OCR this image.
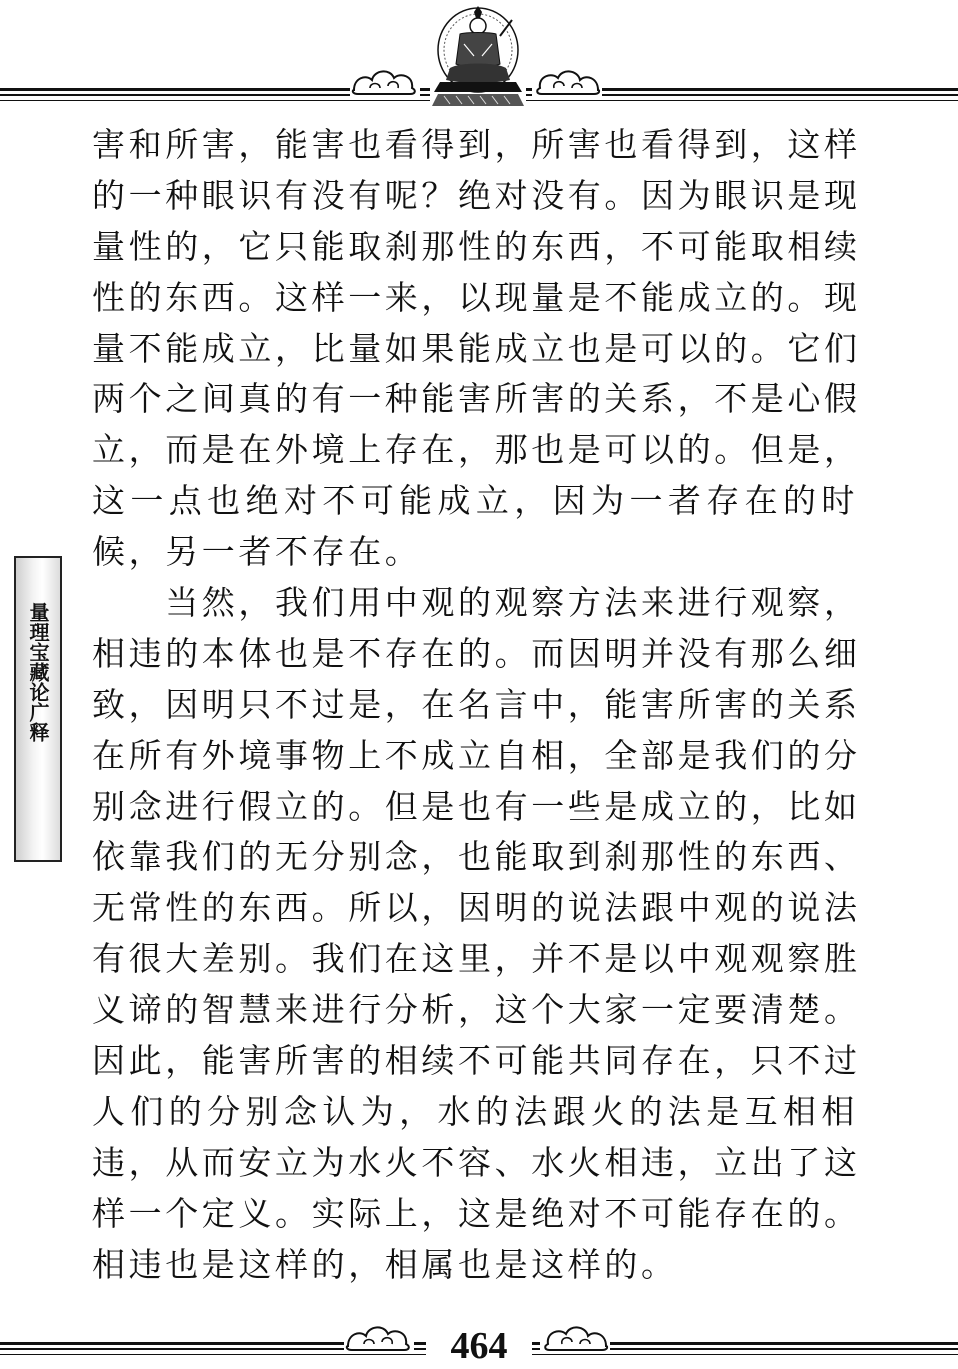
量理宝藏论广释
害和所害，能害也看得到，所害也看得到，这样
的一种眼识有没有呢？绝对没有。因为眼识是现
量性的，它只能取刹那性的东西，不可能取相续
性的东西。这样一来，以现量是不能成立的。现
量不能成立，比量如果能成立也是可以的。它们
两个之间真的有一种能害所害的关系，不是心假
立，而是在外境上存在，那也是可以的。但是，
这一点也绝对不可能成立，因为一者存在的时
候，另一者不存在。
　　当然，我们用中观的观察方法来进行观察，
相违的本体也是不存在的。而因明并没有那么细
致，因明只不过是，在名言中，能害所害的关系
在所有外境事物上不成立自相，全部是我们的分
别念进行假立的。但是也有一些是成立的，比如
依靠我们的无分别念，也能取到刹那性的东西、
无常性的东西。所以，因明的说法跟中观的说法
有很大差别。我们在这里，并不是以中观观察胜
义谛的智慧来进行分析，这个大家一定要清楚。
因此，能害所害的相续不可能共同存在，只不过
人们的分别念认为，水的法跟火的法是互相相
违，从而安立为水火不容、水火相违，立出了这
样一个定义。实际上，这是绝对不可能存在的。
相违也是这样的，相属也是这样的。
464
